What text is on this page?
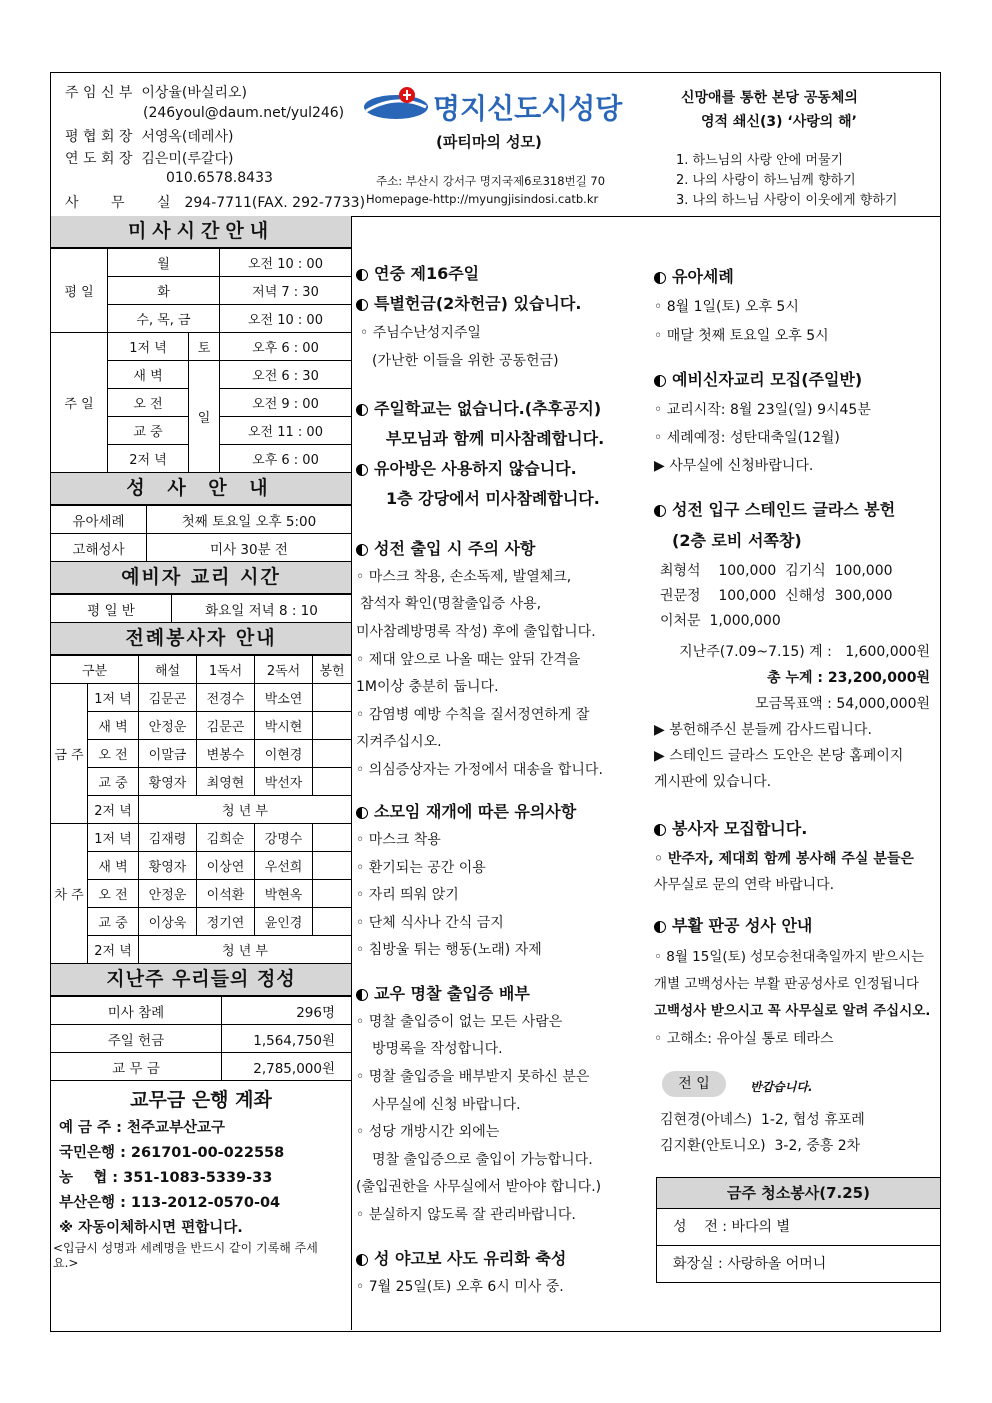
주 임 신 부 이상율(바실리오)
(246youl@daum.net/yul246)
평 협 회 장 서영옥(데레사)
연 도 회 장 김은미(루갈다)
010.6578.8433
사 무 실294-7711(FAX. 292-7733)
명지신도시성당
(파티마의 성모)
주소: 부산시 강서구 명지국제6로318번길 70
Homepage-http://myungjisindosi.catb.kr
신망애를 통한 본당 공동체의
영적 쇄신(3) ‘사랑의 해’
1. 하느님의 사랑 안에 머물기
2. 나의 사랑이 하느님께 향하기
3. 나의 하느님 사랑이 이웃에게 향하기
미사시간안내
평 일	월		오전 10 : 00
	화		저녁 7 : 30
	수, 목, 금		오전 10 : 00
주 일	1저 녁	토	오후 6 : 00
	새 벽	일	오전 6 : 30
	오 전		오전 9 : 00
	교 중		오전 11 : 00
	2저 녁		오후 6 : 00
성 사 안 내
유아세례	첫째 토요일 오후 5:00
고해성사	미사 30분 전
예비자 교리 시간
평 일 반	화요일 저녁 8 : 10
전례봉사자 안내
구분		해설	1독서	2독서	봉헌
금 주	1저 녁	김문곤	전경수	박소연	
	새 벽	안정운	김문곤	박시현	
	오 전	이말금	변봉수	이현경	
	교 중	황영자	최영현	박선자	
	2저 녁	청 년 부			
차 주	1저 녁	김재령	김희순	강명수	
	새 벽	황영자	이상연	우선희	
	오 전	안정운	이석환	박현옥	
	교 중	이상욱	정기연	윤인경	
	2저 녁	청 년 부			
지난주 우리들의 정성
미사 참례	296명
주일 헌금	1,564,750원
교 무 금	2,785,000원
교무금 은행 계좌
예 금 주 : 천주교부산교구
국민은행 : 261701-00-022558
농    협 : 351-1083-5339-33
부산은행 : 113-2012-0570-04
※ 자동이체하시면 편합니다.
<입금시 성명과 세례명을 반드시 같이 기록해 주세요.>
연중 제16주일
특별헌금(2차헌금) 있습니다.
◦ 주님수난성지주일
(가난한 이들을 위한 공동헌금)
주일학교는 없습니다.(추후공지)
부모님과 함께 미사참례합니다.
유아방은 사용하지 않습니다.
1층 강당에서 미사참례합니다.
성전 출입 시 주의 사항
◦ 마스크 착용, 손소독제, 발열체크,
참석자 확인(명찰출입증 사용,
미사참례방명록 작성) 후에 출입합니다.
◦ 제대 앞으로 나올 때는 앞뒤 간격을
1M이상 충분히 둡니다.
◦ 감염병 예방 수칙을 질서정연하게 잘
지켜주십시오.
◦ 의심증상자는 가정에서 대송을 합니다.
소모임 재개에 따른 유의사항
◦ 마스크 착용
◦ 환기되는 공간 이용
◦ 자리 띄워 앉기
◦ 단체 식사나 간식 금지
◦ 침방울 튀는 행동(노래) 자제
교우 명찰 출입증 배부
◦ 명찰 출입증이 없는 모든 사람은
방명록을 작성합니다.
◦ 명찰 출입증을 배부받지 못하신 분은
사무실에 신청 바랍니다.
◦ 성당 개방시간 외에는
명찰 출입증으로 출입이 가능합니다.
(출입권한을 사무실에서 받아야 합니다.)
◦ 분실하지 않도록 잘 관리바랍니다.
성 야고보 사도 유리화 축성
◦ 7월 25일(토) 오후 6시 미사 중.
유아세례
◦ 8월 1일(토) 오후 5시
◦ 매달 첫째 토요일 오후 5시
예비신자교리 모집(주일반)
◦ 교리시작: 8월 23일(일) 9시45분
◦ 세례예정: 성탄대축일(12월)
▶ 사무실에 신청바랍니다.
성전 입구 스테인드 글라스 봉헌
(2층 로비 서쪽창)
최형석    100,000  김기식  100,000
권문정    100,000  신해성  300,000
이처문  1,000,000
지난주(7.09~7.15) 계 :   1,600,000원
총 누계 : 23,200,000원
모금목표액 : 54,000,000원
▶ 봉헌해주신 분들께 감사드립니다.
▶ 스테인드 글라스 도안은 본당 홈페이지
게시판에 있습니다.
봉사자 모집합니다.
◦ 반주자, 제대회 함께 봉사해 주실 분들은
사무실로 문의 연락 바랍니다.
부활 판공 성사 안내
◦ 8월 15일(토) 성모승천대축일까지 받으시는
개별 고백성사는 부활 판공성사로 인정됩니다
고백성사 받으시고 꼭 사무실로 알려 주십시오.
◦ 고해소: 유아실 통로 테라스
전 입	반갑습니다.
김현경(아녜스)  1-2, 협성 휴포레
김지환(안토니오)  3-2, 중흥 2차
금주 청소봉사(7.25)
성    전 : 바다의 별
화장실 : 사랑하올 어머니
